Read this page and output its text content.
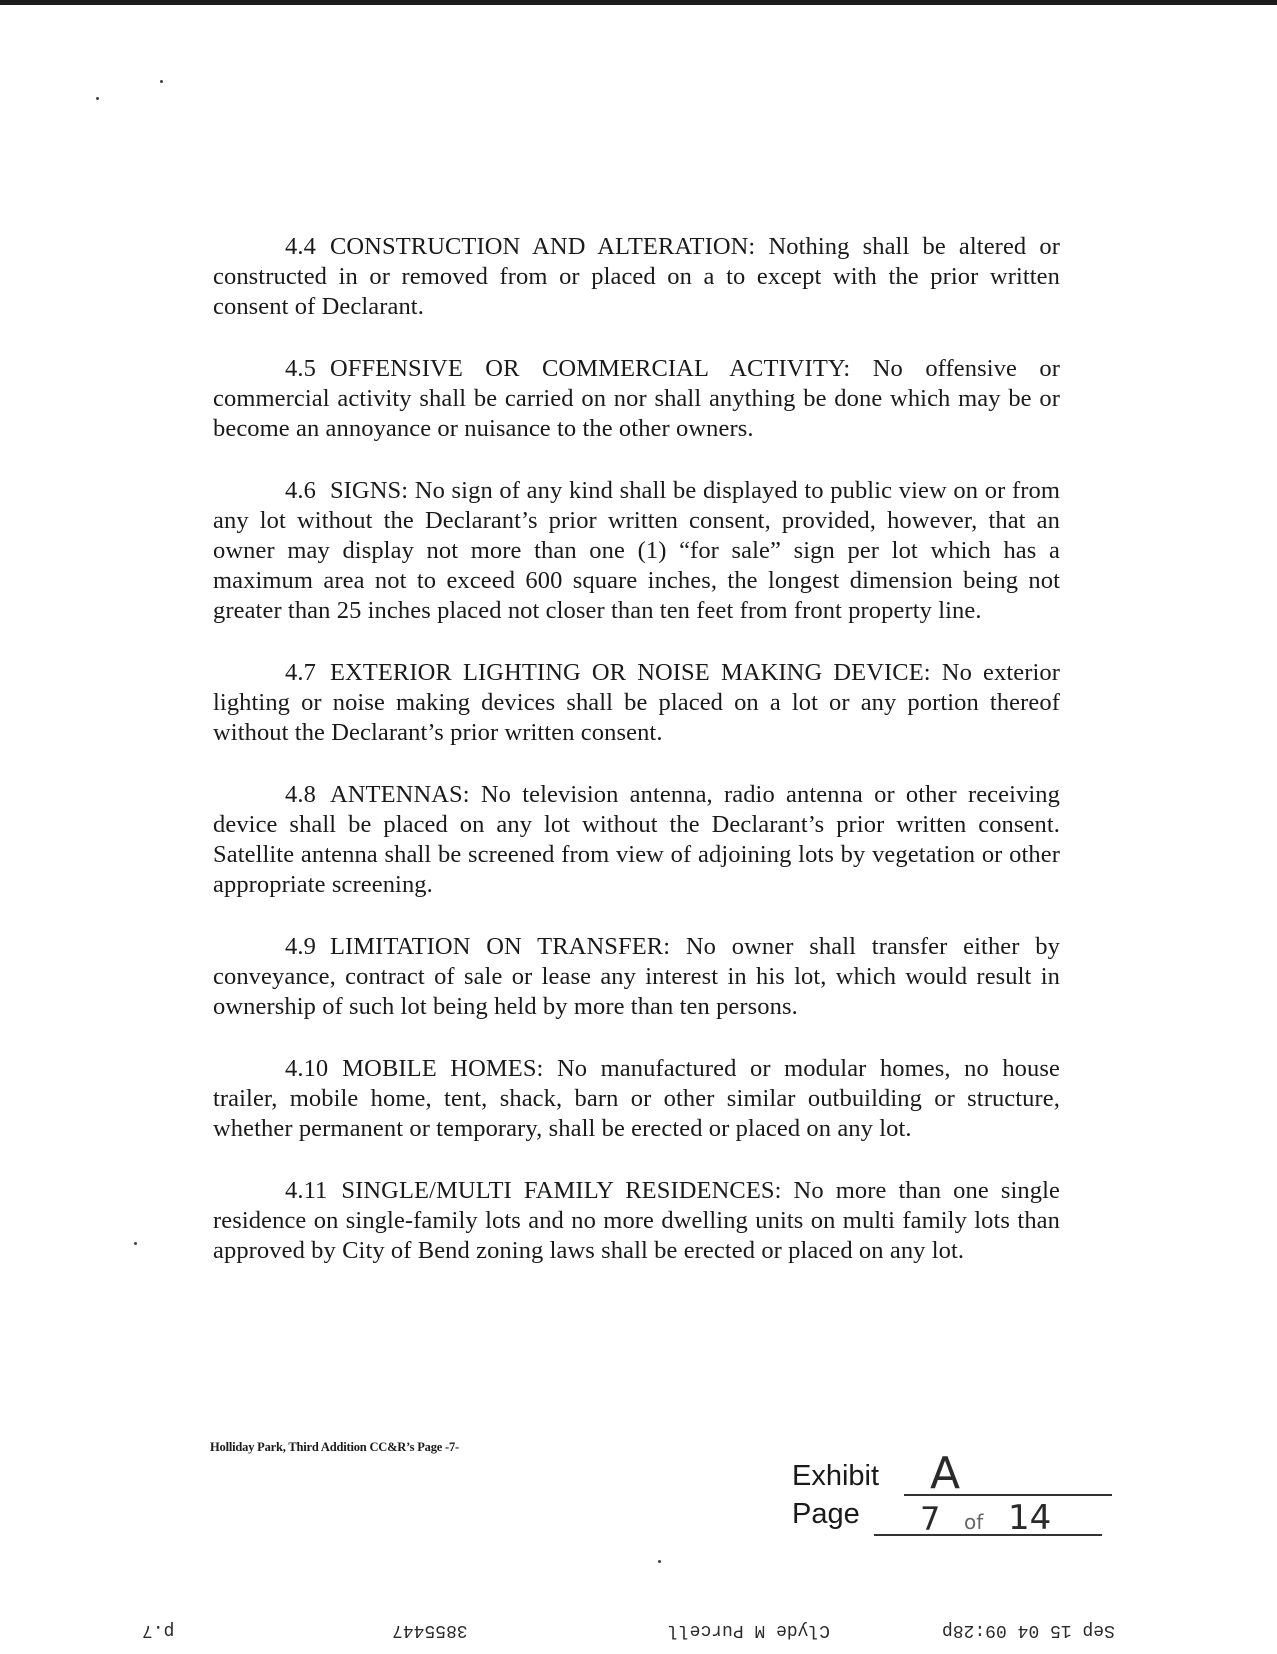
4.4 CONSTRUCTION AND ALTERATION: Nothing shall be altered or constructed in or removed from or placed on a to except with the prior written consent of Declarant.

4.5 OFFENSIVE OR COMMERCIAL ACTIVITY: No offensive or commercial activity shall be carried on nor shall anything be done which may be or become an annoyance or nuisance to the other owners.

4.6 SIGNS: No sign of any kind shall be displayed to public view on or from any lot without the Declarant’s prior written consent, provided, however, that an owner may display not more than one (1) “for sale” sign per lot which has a maximum area not to exceed 600 square inches, the longest dimension being not greater than 25 inches placed not closer than ten feet from front property line.

4.7 EXTERIOR LIGHTING OR NOISE MAKING DEVICE: No exterior lighting or noise making devices shall be placed on a lot or any portion thereof without the Declarant’s prior written consent.

4.8 ANTENNAS: No television antenna, radio antenna or other receiving device shall be placed on any lot without the Declarant’s prior written consent. Satellite antenna shall be screened from view of adjoining lots by vegetation or other appropriate screening.

4.9 LIMITATION ON TRANSFER: No owner shall transfer either by conveyance, contract of sale or lease any interest in his lot, which would result in ownership of such lot being held by more than ten persons.

4.10 MOBILE HOMES: No manufactured or modular homes, no house trailer, mobile home, tent, shack, barn or other similar outbuilding or structure, whether permanent or temporary, shall be erected or placed on any lot.

4.11 SINGLE/MULTI FAMILY RESIDENCES: No more than one single residence on single-family lots and no more dwelling units on multi family lots than approved by City of Bend zoning laws shall be erected or placed on any lot.

Holliday Park, Third Addition CC&R’s Page -7-
Exhibit A
Page 7 of 14
p.7	3855447	Clyde M Purcell	Sep 15 04 09:28p
